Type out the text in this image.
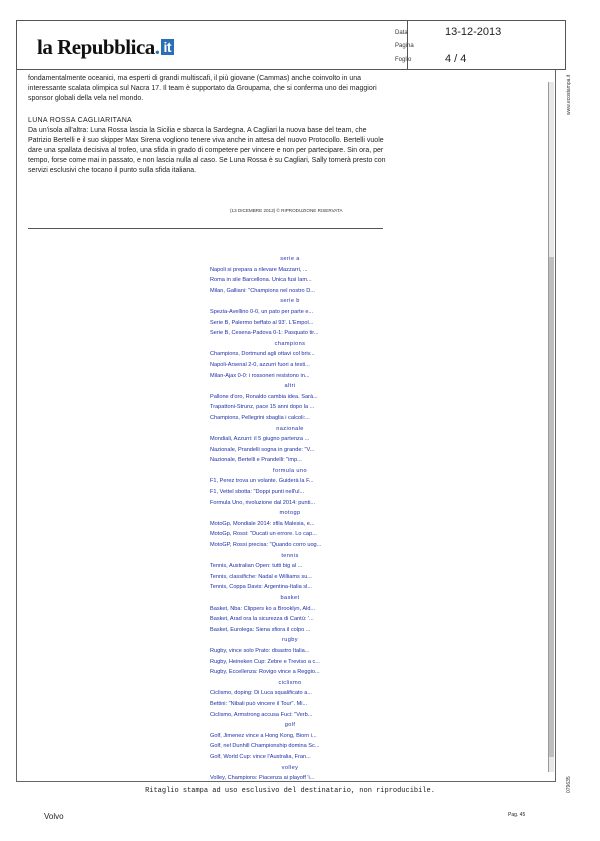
la Repubblica. it
Data	13-12-2013
Pagina
Foglio	4 / 4
www.ecostampa.it
079635

fondamentalmente oceanici, ma esperti di grandi multiscafi, il più giovane (Cammas) anche coinvolto in una interessante scalata olimpica sul Nacra 17. Il team è supportato da Groupama, che si conferma uno dei maggiori sponsor globali della vela nel mondo.

LUNA ROSSA CAGLIARITANA

Da un'isola all'altra: Luna Rossa lascia la Sicilia e sbarca la Sardegna. A Cagliari la nuova base del team, che Patrizio Bertelli e il suo skipper Max Sirena vogliono tenere viva anche in attesa del nuovo Protocollo. Bertelli vuole dare una spallata decisiva al trofeo, una sfida in grado di competere per vincere e non per partecipare. Sin ora, per tempo, forse come mai in passato, e non lascia nulla al caso. Se Luna Rossa è su Cagliari, Sally tornerà presto con servizi esclusivi che tocano il punto sulla sfida italiana.

(13 DICEMBRE 2013) © RIPRODUZIONE RISERVATA
serie a
Napoli si prepara a rilevare Mazzarri, ...
Roma in sile Barcellona. Unica fusi lam...
Milan, Galliani: "Champions nel nostro D...
serie b
Spezia-Avellino 0-0, un pato per parte e...
Serie B, Palermo beffato al 93'. L'Empol...
Serie B, Cesena-Padova 0-1: Pasquato tir...
champions
Champions, Dortmund agli ottavi col briv...
Napoli-Arsenal 2-0, azzurri fuori a testi...
Milan-Ajax 0-0: i rossoneri resistono in...
altri
Pallone d'oro, Ronaldo cambia idea. Sarà...
Trapattoni-Strunz, pace 15 anni dopo la ...
Champions, Pellegrini sbaglia i calcoli:...
nazionale
Mondiali, Azzurri: il 5 giugno partenza ...
Nazionale, Prandelli sogna in grande: "V...
Nazionale, Bertelli e Prandelli: "imp...
formula uno
F1, Perez trova un volante. Guiderà la F...
F1, Vettel sbotta: "Doppi punti nell'ul...
Formula Uno, rivoluzione dal 2014: punti...
motogp
MotoGp, Mondiale 2014: sfila Malesia, e...
MotoGp, Rossi: "Ducati un errore. Lo cap...
MotoGP, Rossi precisa: "Quando corro uog...
tennis
Tennis, Australian Open: tutti big al ...
Tennis, classifiche: Nadal e Williams su...
Tennis, Coppa Davis: Argentina-Italia sl...
basket
Basket, Nba: Clippers ko a Brooklyn, Ald...
Basket, Arad ora la sicurezza di Cantù: '...
Basket, Eurolega: Siena sfiora il colpo ...
rugby
Rugby, vince solo Prato: disastro Italia...
Rugby, Heineken Cup: Zebre e Treviso a c...
Rugby, Eccellenza: Rovigo vince a Reggio...
ciclismo
Ciclismo, doping: Di Luca squalificato a...
Bettini: "Nibali può vincere il Tour". Mi...
Ciclismo, Armstrong accusa Fuci: "Verb...
golf
Golf, Jimenez vince a Hong Kong, Biorn i...
Golf, nel Dunhill Championship domina Sc...
Golf, World Cup: vince l'Australia, Fran...
volley
Volley, Champions: Piacenza ai playoff 'i...
Ritaglio stampa ad uso esclusivo del destinatario, non riproducibile.
Volvo	Pag. 45
